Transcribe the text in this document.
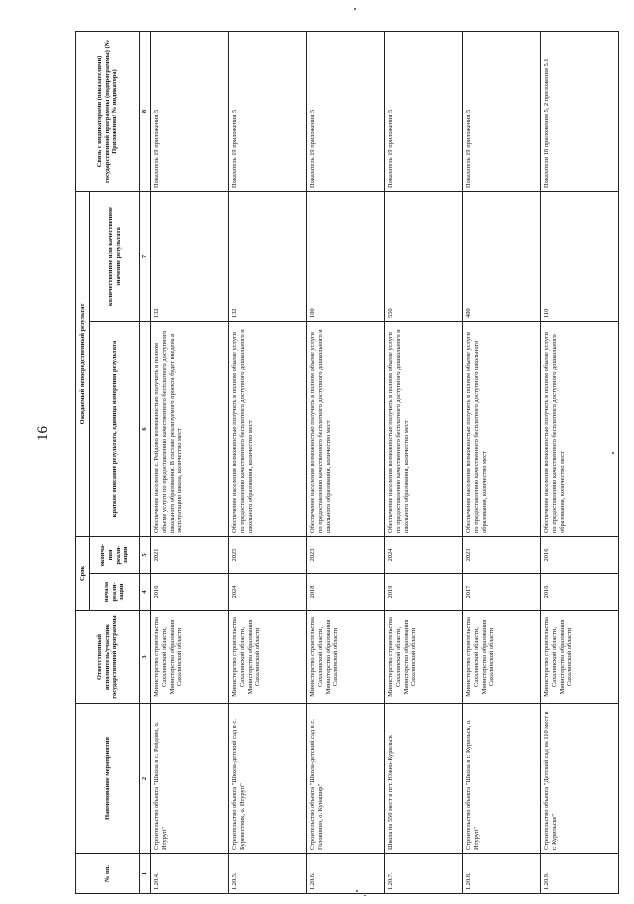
16
№ пп.	Наименование мероприятия	Ответственный исполнитель/участник государственной программы	Срок		Ожидаемый непосредственный результат		Связь с индикаторами (показателями) государственной программы (подпрограммы) (№ Приложения/ № индикатора)
			начала реали-зации	оконча-ния реали-зации	краткое описание результата, единица измерения результата	количественное или качественное значение результата	

1	2	3	4	5	6	7	8
1.20.4.	Строительство объекта "Школа в с. Рейдово, о. Итуруп"	Министерство строительства Сахалинской области, Министерство образования Сахалинской области	2016	2021	Обеспечение населения с. Рейдово возможностью получить в полном объеме услуги по предоставлению качественного бесплатного доступного школьного образования. В составе реализуемого проекта будет введена в эксплуатацию школа, количество мест	132	Показатель 19 приложения 5
1.20.5.	Строительство объекта "Школа-детский сад в с. Буревестник, о. Итуруп"	Министерство строительства Сахалинской области, Министерство образования Сахалинской области	2024	2025	Обеспечение населения возможностью получить в полном объеме услуги по предоставлению качественного бесплатного доступного дошкольного и школьного образования, количество мест	132	Показатель 19 приложения 5
1.20.6.	Строительство объекта "Школа-детский сад в с. Головнино, о. Кунашир"	Министерство строительства Сахалинской области, Министерство образования Сахалинской области	2018	2023	Обеспечение населения возможностью получить в полном объеме услуги по предоставлению качественного бесплатного доступного дошкольного и школьного образования, количество мест	100	Показатель 19 приложения 5
1.20.7.	Школа на 550 мест в пгт. Южно-Курильск	Министерство строительства Сахалинской области, Министерство образования Сахалинской области	2019	2024	Обеспечение населения возможностью получить в полном объеме услуги по предоставлению качественного бесплатного доступного дошкольного и школьного образования, количество мест	550	Показатель 19 приложения 5
1.20.8.	Строительство объекта "Школа в г. Курильск, о. Итуруп"	Министерство строительства Сахалинской области, Министерство образования Сахалинской области	2017	2023	Обеспечение населения возможностью получить в полном объеме услуги по предоставлению качественного бесплатного доступного школьного образования, количество мест	400	Показатель 19 приложения 5
1.20.9.	Строительство объекта "Детский сад на 110 мест в г. Курильске"	Министерство строительства Сахалинской области, Министерство образования Сахалинской области	2016	2016	Обеспечение населения возможностью получить в полном объеме услуги по предоставлению качественного бесплатного доступного дошкольного образования, количество мест	110	Показатели 18 приложения 5, 2 приложения 5.1
